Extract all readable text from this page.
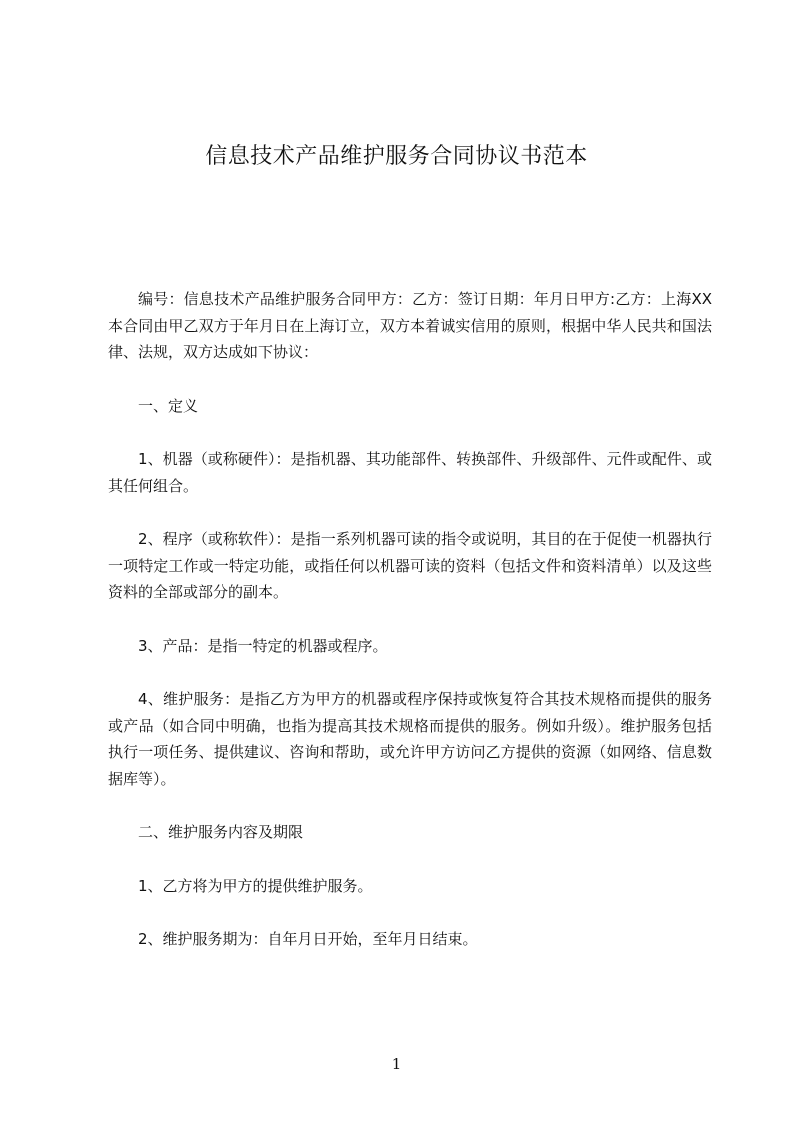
信息技术产品维护服务合同协议书范本

编号：信息技术产品维护服务合同甲方：乙方：签订日期：年月日甲方:乙方：上海XX本合同由甲乙双方于年月日在上海订立，双方本着诚实信用的原则，根据中华人民共和国法律、法规，双方达成如下协议：

一、定义

1、机器（或称硬件）：是指机器、其功能部件、转换部件、升级部件、元件或配件、或其任何组合。

2、程序（或称软件）：是指一系列机器可读的指令或说明，其目的在于促使一机器执行一项特定工作或一特定功能，或指任何以机器可读的资料（包括文件和资料清单）以及这些资料的全部或部分的副本。

3、产品：是指一特定的机器或程序。

4、维护服务：是指乙方为甲方的机器或程序保持或恢复符合其技术规格而提供的服务或产品（如合同中明确，也指为提高其技术规格而提供的服务。例如升级）。维护服务包括执行一项任务、提供建议、咨询和帮助，或允许甲方访问乙方提供的资源（如网络、信息数据库等）。

二、维护服务内容及期限

1、乙方将为甲方的提供维护服务。

2、维护服务期为：自年月日开始，至年月日结束。

1
